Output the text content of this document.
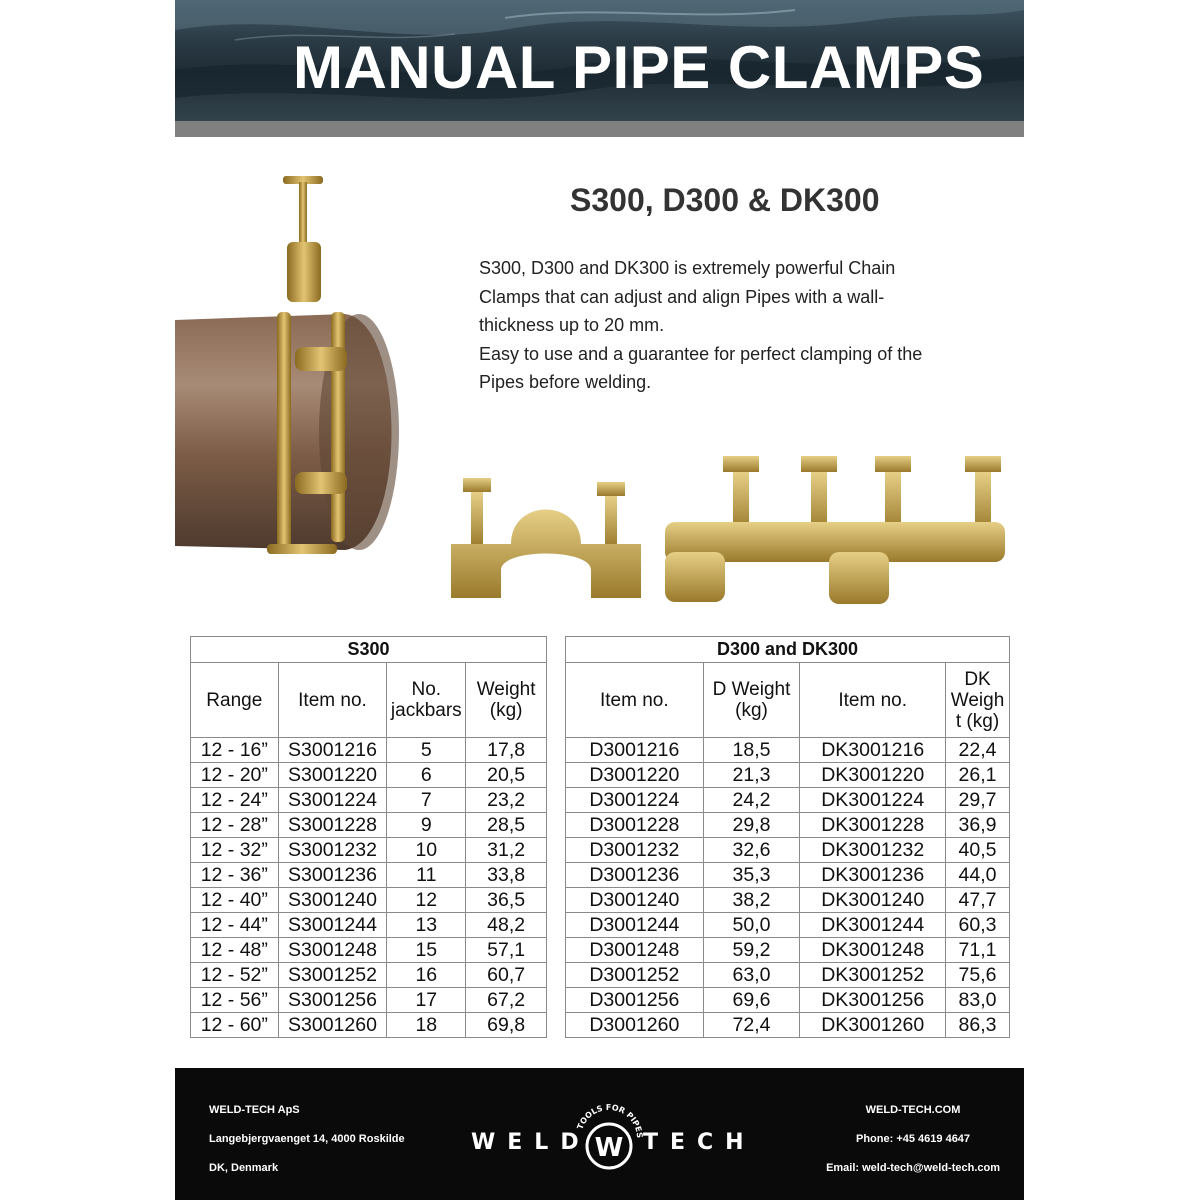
MANUAL PIPE CLAMPS
S300, D300 & DK300

S300, D300 and DK300 is extremely powerful Chain

Clamps that can adjust and align Pipes with a wall-

thickness up to 20 mm.

Easy to use and a guarantee for perfect clamping of the

Pipes before welding.

S300			
Range	Item no.	No. jackbars	Weight (kg)
12 - 16”	S3001216	5	17,8
12 - 20”	S3001220	6	20,5
12 - 24”	S3001224	7	23,2
12 - 28”	S3001228	9	28,5
12 - 32”	S3001232	10	31,2
12 - 36”	S3001236	11	33,8
12 - 40”	S3001240	12	36,5
12 - 44”	S3001244	13	48,2
12 - 48”	S3001248	15	57,1
12 - 52”	S3001252	16	60,7
12 - 56”	S3001256	17	67,2
12 - 60”	S3001260	18	69,8
D300 and DK300			
Item no.	D Weight (kg)	Item no.	DK Weigh t (kg)
D3001216	18,5	DK3001216	22,4
D3001220	21,3	DK3001220	26,1
D3001224	24,2	DK3001224	29,7
D3001228	29,8	DK3001228	36,9
D3001232	32,6	DK3001232	40,5
D3001236	35,3	DK3001236	44,0
D3001240	38,2	DK3001240	47,7
D3001244	50,0	DK3001244	60,3
D3001248	59,2	DK3001248	71,1
D3001252	63,0	DK3001252	75,6
D3001256	69,6	DK3001256	83,0
D3001260	72,4	DK3001260	86,3
WELD-TECH ApS
Langebjergvaenget 14, 4000 Roskilde
DK, Denmark
WELD
TOOLS FOR PIPES
W TECH
WELD-TECH.COM
Phone: +45 4619 4647
Email: weld-tech@weld-tech.com
